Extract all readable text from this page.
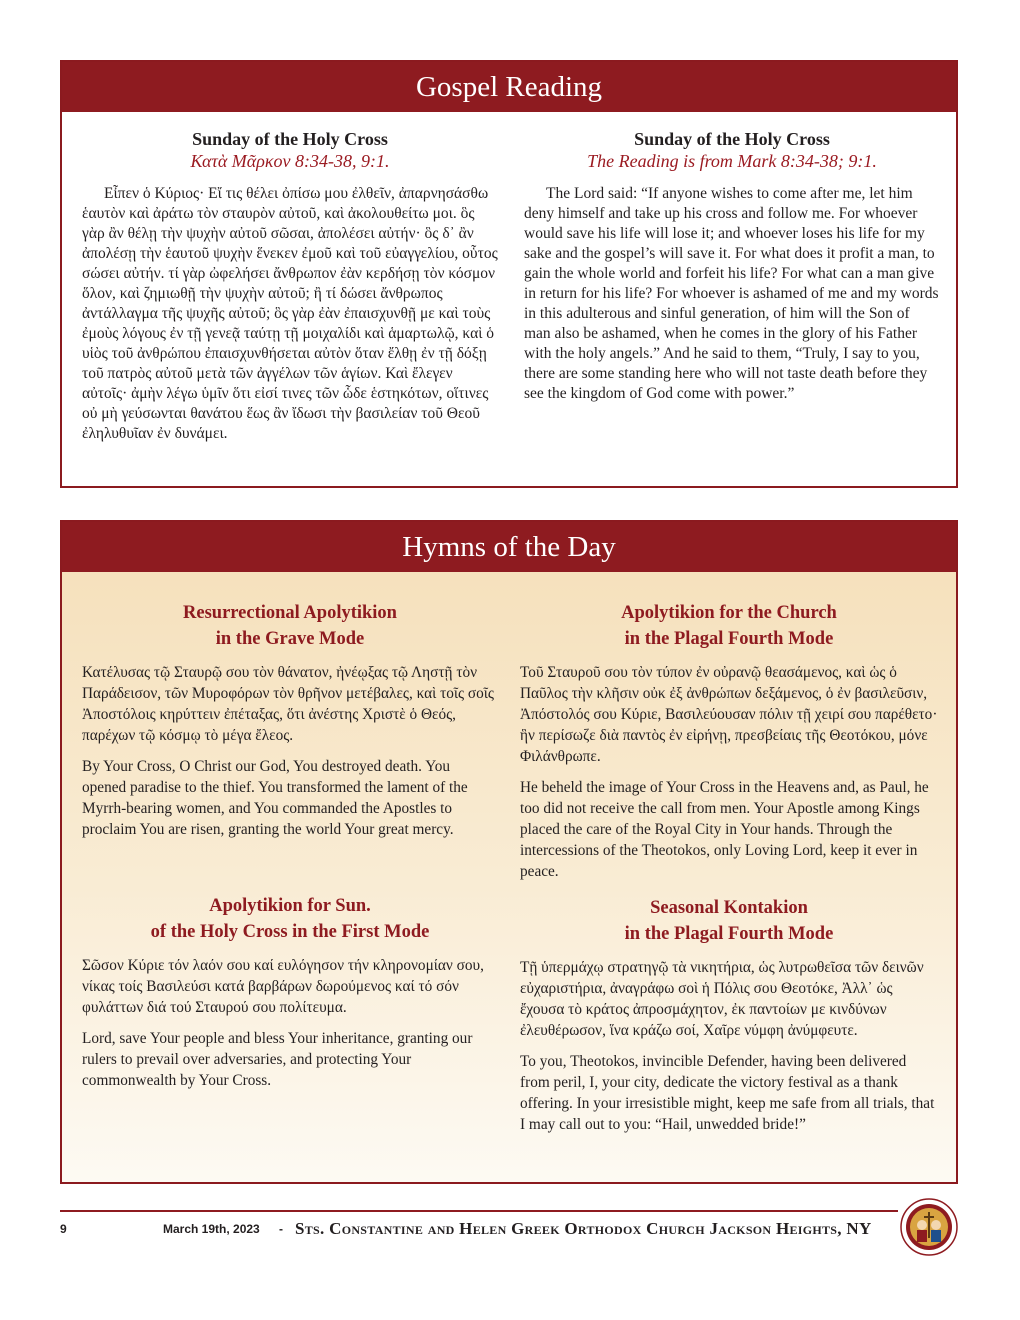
Gospel Reading
Sunday of the Holy Cross
Κατὰ Μᾶρκον 8:34-38, 9:1.
Εἶπεν ὁ Κύριος· Εἴ τις θέλει ὀπίσω μου ἐλθεῖν, ἀπαρνησάσθω ἑαυτὸν καὶ ἀράτω τὸν σταυρὸν αὐτοῦ, καὶ ἀκολουθείτω μοι. ὃς γὰρ ἂν θέλῃ τὴν ψυχὴν αὐτοῦ σῶσαι, ἀπολέσει αὐτήν· ὃς δ᾽ ἂν ἀπολέσῃ τὴν ἑαυτοῦ ψυχὴν ἕνεκεν ἐμοῦ καὶ τοῦ εὐαγγελίου, οὗτος σώσει αὐτήν. τί γὰρ ὠφελήσει ἄνθρωπον ἐὰν κερδήσῃ τὸν κόσμον ὅλον, καὶ ζημιωθῇ τὴν ψυχὴν αὐτοῦ; ἢ τί δώσει ἄνθρωπος ἀντάλλαγμα τῆς ψυχῆς αὐτοῦ; ὃς γὰρ ἐὰν ἐπαισχυνθῇ με καὶ τοὺς ἐμοὺς λόγους ἐν τῇ γενεᾷ ταύτῃ τῇ μοιχαλίδι καὶ ἁμαρτωλῷ, καὶ ὁ υἱὸς τοῦ ἀνθρώπου ἐπαισχυνθήσεται αὐτὸν ὅταν ἔλθῃ ἐν τῇ δόξῃ τοῦ πατρὸς αὐτοῦ μετὰ τῶν ἀγγέλων τῶν ἁγίων. Καὶ ἔλεγεν αὐτοῖς· ἀμὴν λέγω ὑμῖν ὅτι εἰσί τινες τῶν ὧδε ἑστηκότων, οἵτινες οὐ μὴ γεύσωνται θανάτου ἕως ἂν ἴδωσι τὴν βασιλείαν τοῦ Θεοῦ ἐληλυθυῖαν ἐν δυνάμει.
Sunday of the Holy Cross
The Reading is from Mark 8:34-38; 9:1.
The Lord said: “If anyone wishes to come after me, let him deny himself and take up his cross and follow me. For whoever would save his life will lose it; and whoever loses his life for my sake and the gospel’s will save it. For what does it profit a man, to gain the whole world and forfeit his life? For what can a man give in return for his life? For whoever is ashamed of me and my words in this adulterous and sinful generation, of him will the Son of man also be ashamed, when he comes in the glory of his Father with the holy angels.” And he said to them, “Truly, I say to you, there are some standing here who will not taste death before they see the kingdom of God come with power.”
Hymns of the Day
Resurrectional Apolytikion
in the Grave Mode

Κατέλυσας τῷ Σταυρῷ σου τὸν θάνατον, ἠνέῳξας τῷ Ληστῇ τὸν Παράδεισον, τῶν Μυροφόρων τὸν θρῆνον μετέβαλες, καὶ τοῖς σοῖς Ἀποστόλοις κηρύττειν ἐπέταξας, ὅτι ἀνέστης Χριστὲ ὁ Θεός, παρέχων τῷ κόσμῳ τὸ μέγα ἔλεος.

By Your Cross, O Christ our God, You destroyed death. You opened paradise to the thief. You transformed the lament of the Myrrh-bearing women, and You commanded the Apostles to proclaim You are risen, granting the world Your great mercy.

Apolytikion for the Church
in the Plagal Fourth Mode

Τοῦ Σταυροῦ σου τὸν τύπον ἐν οὐρανῷ θεασάμενος, καὶ ὡς ὁ Παῦλος τὴν κλῆσιν οὐκ ἐξ ἀνθρώπων δεξάμενος, ὁ ἐν βασιλεῦσιν, Ἀπόστολός σου Κύριε, Βασιλεύουσαν πόλιν τῇ χειρί σου παρέθετο· ἣν περίσωζε διὰ παντὸς ἐν εἰρήνῃ, πρεσβείαις τῆς Θεοτόκου, μόνε Φιλάνθρωπε.

He beheld the image of Your Cross in the Heavens and, as Paul, he too did not receive the call from men. Your Apostle among Kings placed the care of the Royal City in Your hands. Through the intercessions of the Theotokos, only Loving Lord, keep it ever in peace.

Apolytikion for Sun.
of the Holy Cross in the First Mode

Σῶσον Κύριε τόν λαόν σου καί ευλόγησον τήν κληρονομίαν σου, νίκας τοίς Βασιλεύσι κατά βαρβάρων δωρούμενος καί τό σόν φυλάττων διά τού Σταυρού σου πολίτευμα.

Lord, save Your people and bless Your inheritance, granting our rulers to prevail over adversaries, and protecting Your commonwealth by Your Cross.

Seasonal Kontakion
in the Plagal Fourth Mode

Τῇ ὑπερμάχῳ στρατηγῷ τὰ νικητήρια, ὡς λυτρωθεῖσα τῶν δεινῶν εὐχαριστήρια, ἀναγράφω σοὶ ἡ Πόλις σου Θεοτόκε, Ἀλλ᾽ ὡς ἔχουσα τὸ κράτος ἀπροσμάχητον, ἐκ παντοίων με κινδύνων ἐλευθέρωσον, ἵνα κράζω σοί, Χαῖρε νύμφη ἀνύμφευτε.

To you, Theotokos, invincible Defender, having been delivered from peril, I, your city, dedicate the victory festival as a thank offering. In your irresistible might, keep me safe from all trials, that I may call out to you: “Hail, unwedded bride!”

9	March 19th, 2023 - Sts. Constantine and Helen Greek Orthodox Church Jackson Heights, NY
